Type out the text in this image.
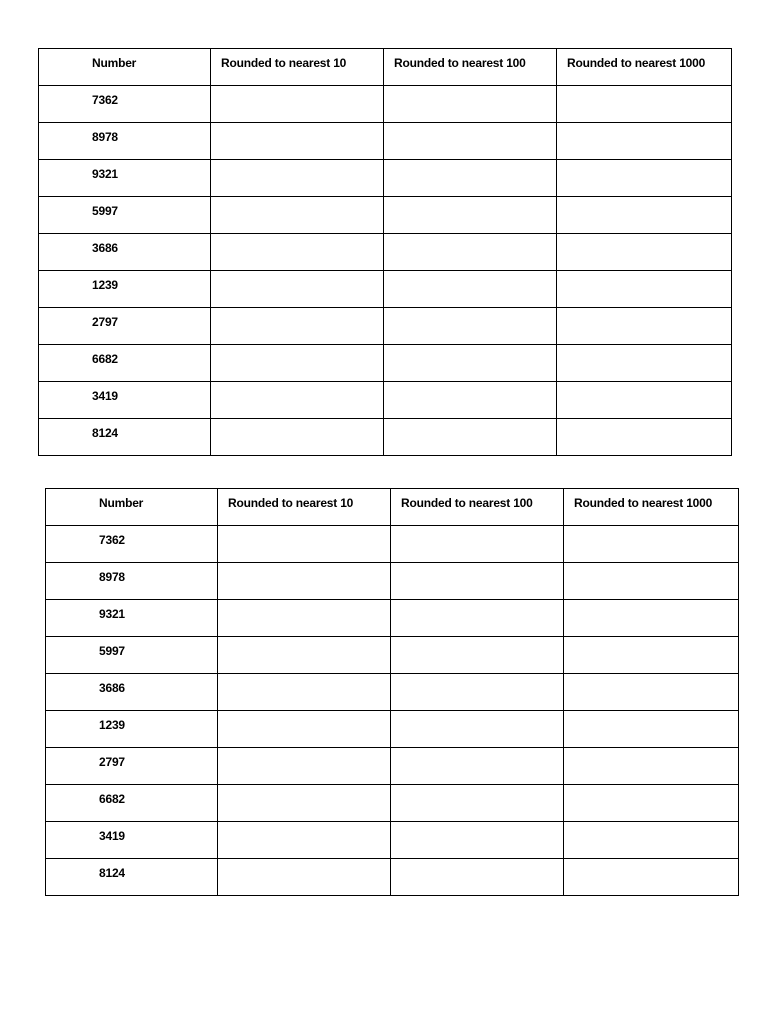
Number	Rounded to nearest 10	Rounded to nearest 100	Rounded to nearest 1000
7362			
8978			
9321			
5997			
3686			
1239			
2797			
6682			
3419			
8124			
Number	Rounded to nearest 10	Rounded to nearest 100	Rounded to nearest 1000
7362			
8978			
9321			
5997			
3686			
1239			
2797			
6682			
3419			
8124			
